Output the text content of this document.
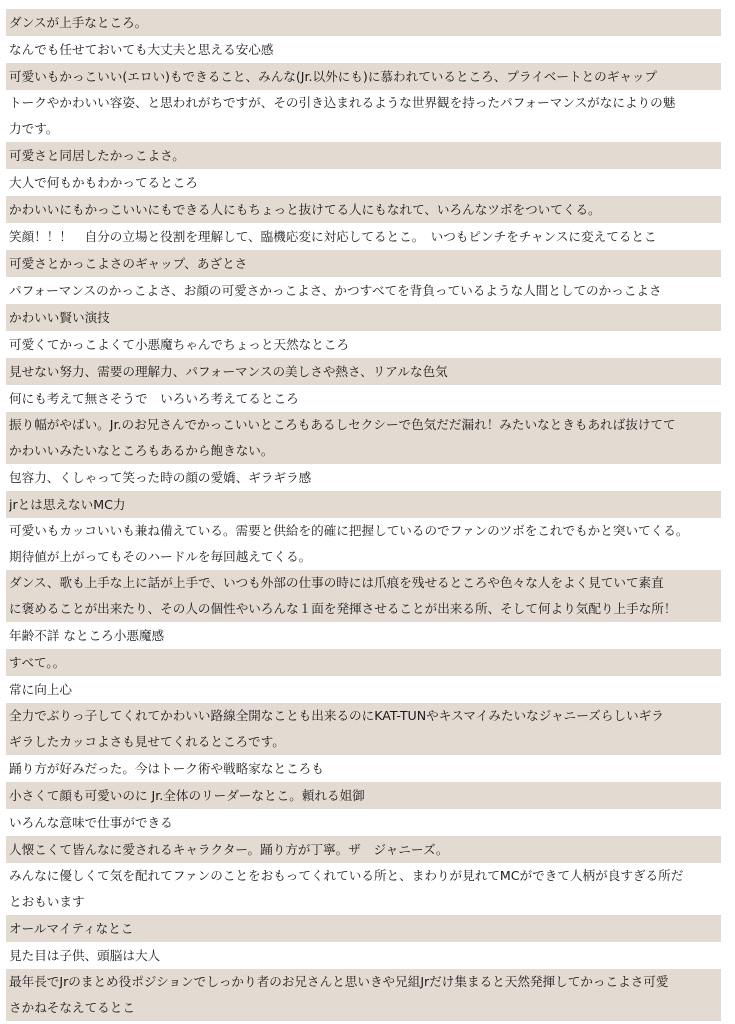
ダンスが上手なところ。
なんでも任せておいても大丈夫と思える安心感
可愛いもかっこいい(エロい)もできること、みんな(Jr.以外にも)に慕われているところ、プライベートとのギャップ
トークやかわいい容姿、と思われがちですが、その引き込まれるような世界観を持ったパフォーマンスがなによりの魅
力です。
可愛さと同居したかっこよさ。
大人で何もかもわかってるところ
かわいいにもかっこいいにもできる人にもちょっと抜けてる人にもなれて、いろんなツボをついてくる。
笑顔！！！　自分の立場と役割を理解して、臨機応変に対応してるとこ。　いつもピンチをチャンスに変えてるとこ
可愛さとかっこよさのギャップ、あざとさ
パフォーマンスのかっこよさ、お顔の可愛さかっこよさ、かつすべてを背負っているような人間としてのかっこよさ
かわいい賢い演技
可愛くてかっこよくて小悪魔ちゃんでちょっと天然なところ
見せない努力、需要の理解力、パフォーマンスの美しさや熱さ、リアルな色気
何にも考えて無さそうで　いろいろ考えてるところ
振り幅がやばい。Jr.のお兄さんでかっこいいところもあるしセクシーで色気だだ漏れ！みたいなときもあれば抜けてて
かわいいみたいなところもあるから飽きない。
包容力、くしゃって笑った時の顔の愛嬌、ギラギラ感
jrとは思えないMC力
可愛いもカッコいいも兼ね備えている。需要と供給を的確に把握しているのでファンのツボをこれでもかと突いてくる。
期待値が上がってもそのハードルを毎回越えてくる。
ダンス、歌も上手な上に話が上手で、いつも外部の仕事の時には爪痕を残せるところや色々な人をよく見ていて素直
に褒めることが出来たり、その人の個性やいろんな１面を発揮させることが出来る所、そして何より気配り上手な所！
年齢不詳 なところ小悪魔感
すべて。。
常に向上心
全力でぶりっ子してくれてかわいい路線全開なことも出来るのにKAT-TUNやキスマイみたいなジャニーズらしいギラ
ギラしたカッコよさも見せてくれるところです。
踊り方が好みだった。今はトーク術や戦略家なところも
小さくて顔も可愛いのに Jr.全体のリーダーなとこ。頼れる姐御
いろんな意味で仕事ができる
人懐こくて皆んなに愛されるキャラクター。踊り方が丁寧。ザ　ジャニーズ。
みんなに優しくて気を配れてファンのことをおもってくれている所と、まわりが見れてMCができて人柄が良すぎる所だ
とおもいます
オールマイティなとこ
見た目は子供、頭脳は大人
最年長でJrのまとめ役ポジションでしっかり者のお兄さんと思いきや兄組Jrだけ集まると天然発揮してかっこよさ可愛
さかねそなえてるとこ
